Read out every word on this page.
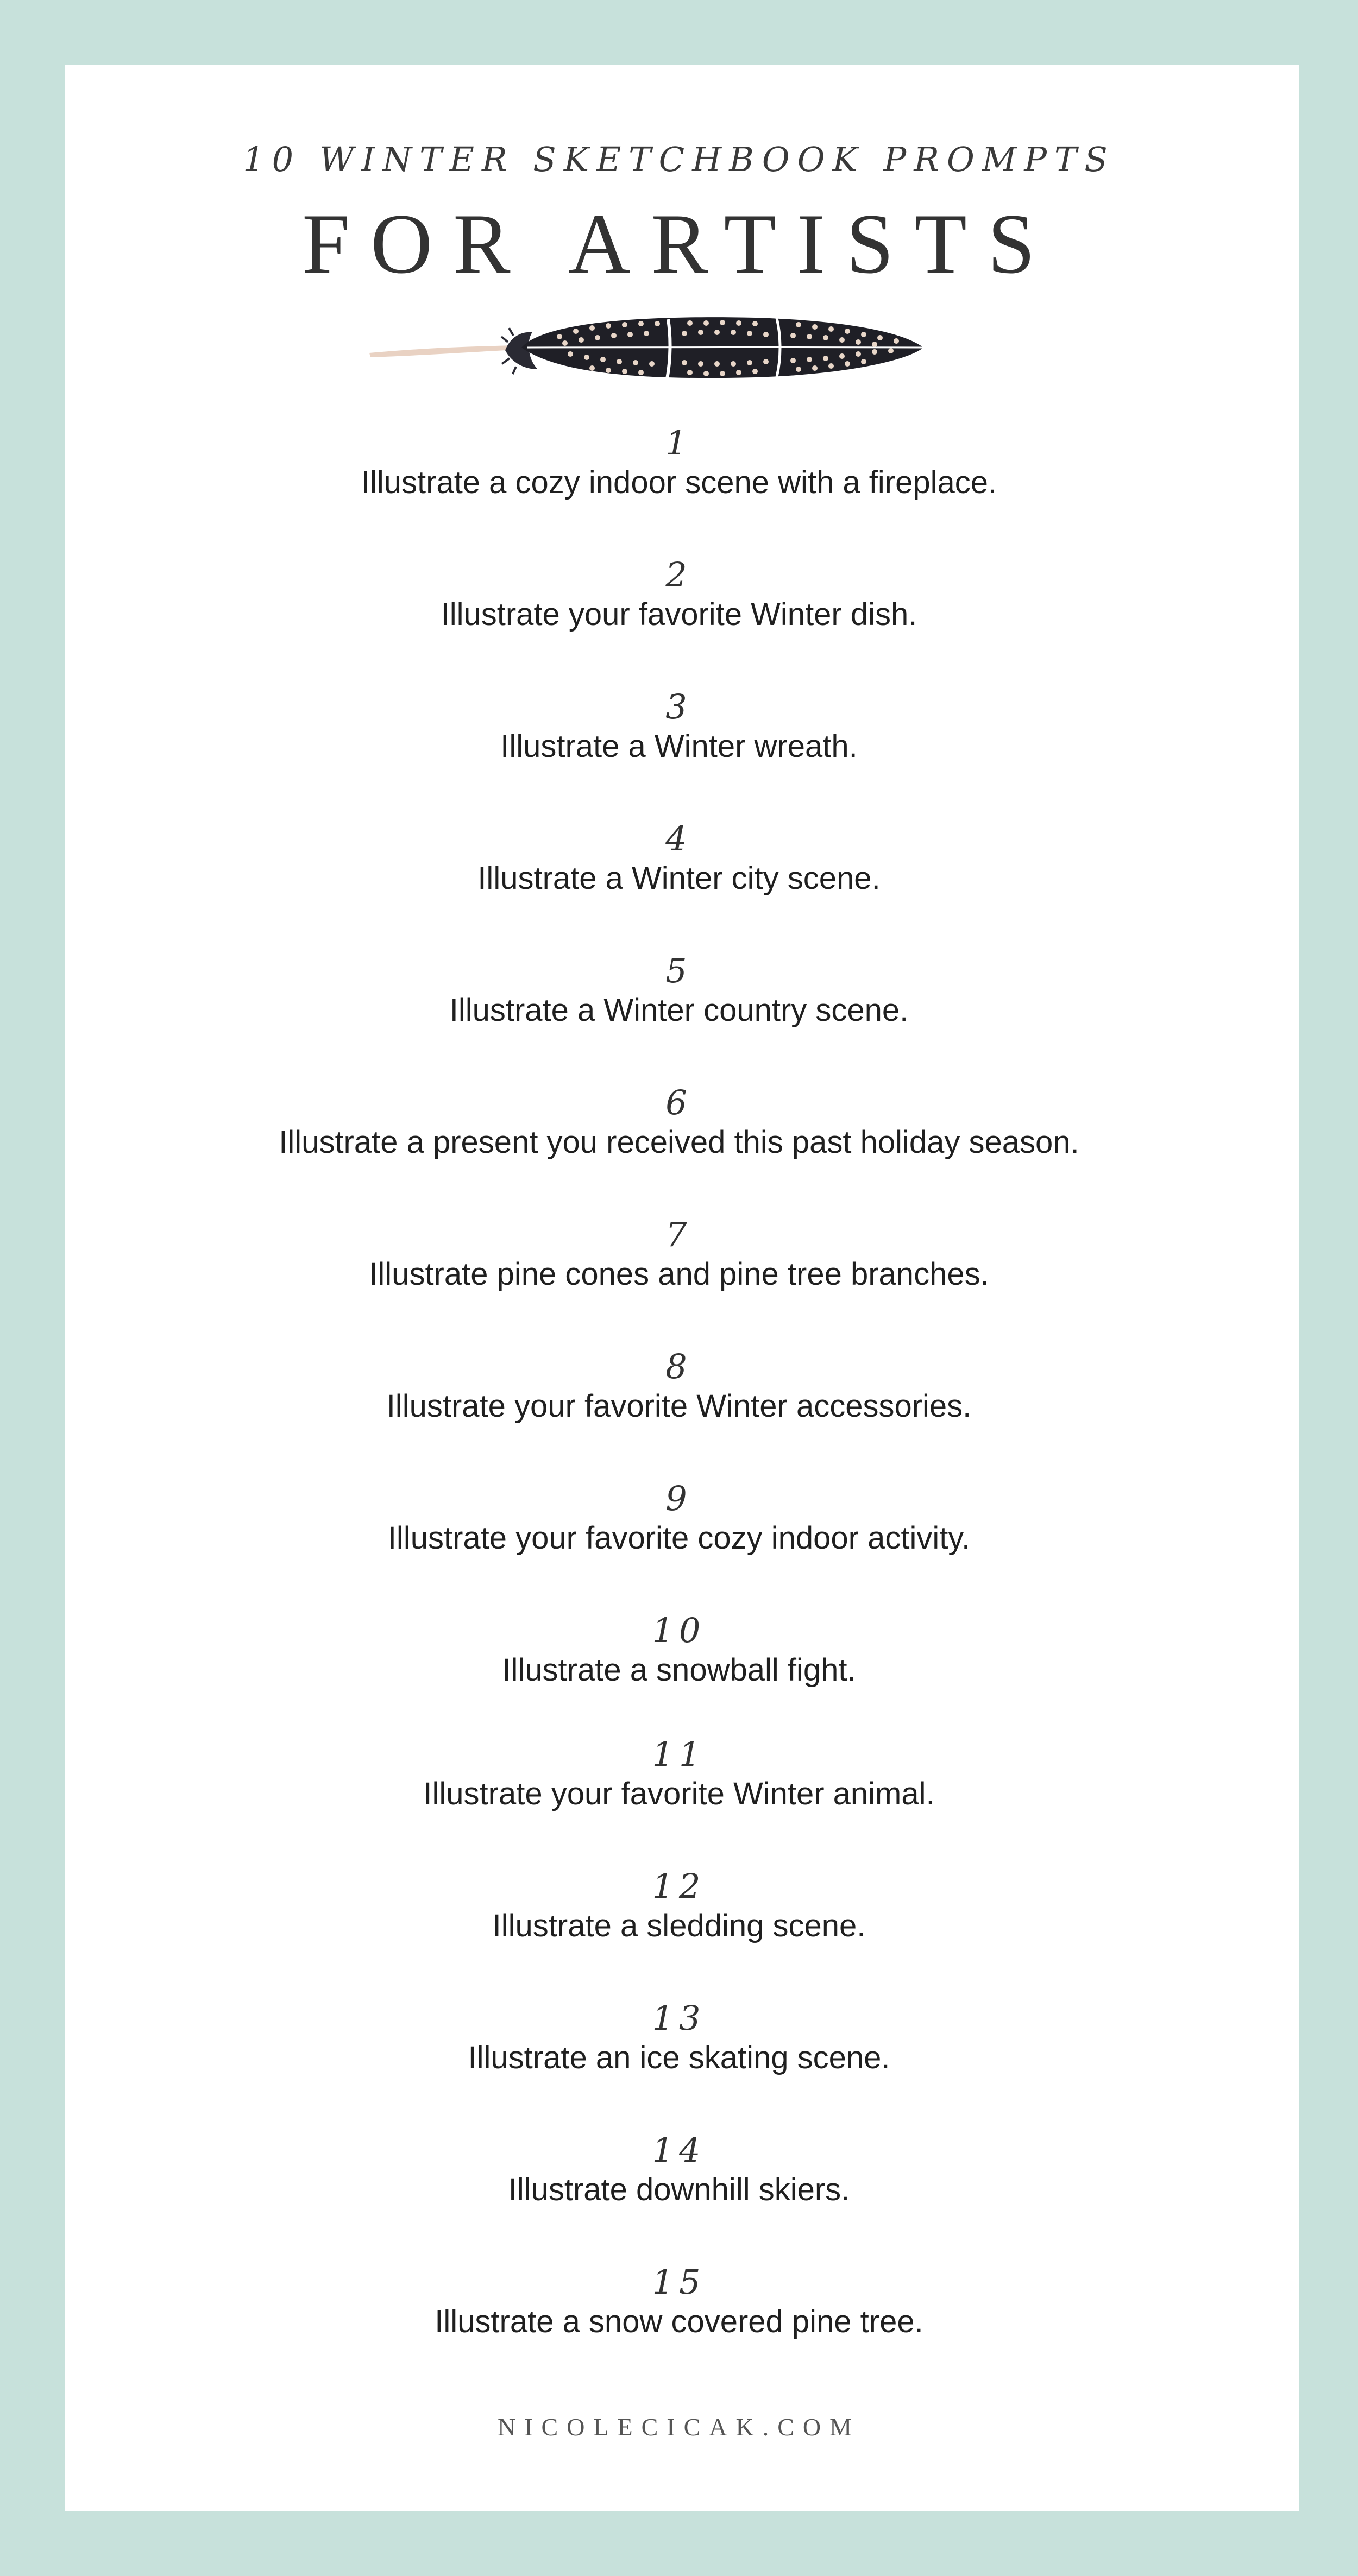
10 WINTER SKETCHBOOK PROMPTS
FOR ARTISTS
1
Illustrate a cozy indoor scene with a fireplace.
2
Illustrate your favorite Winter dish.
3
Illustrate a Winter wreath.
4
Illustrate a Winter city scene.
5
Illustrate a Winter country scene.
6
Illustrate a present you received this past holiday season.
7
Illustrate pine cones and pine tree branches.
8
Illustrate your favorite Winter accessories.
9
Illustrate your favorite cozy indoor activity.
10
Illustrate a snowball fight.
11
Illustrate your favorite Winter animal.
12
Illustrate a sledding scene.
13
Illustrate an ice skating scene.
14
Illustrate downhill skiers.
15
Illustrate a snow covered pine tree.
NICOLECICAK.COM
